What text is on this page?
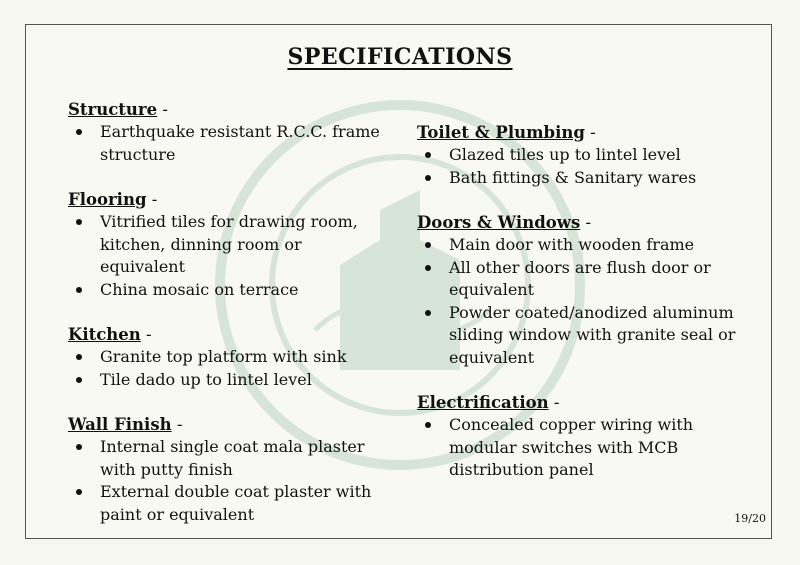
SPECIFICATIONS
Structure -
Earthquake resistant R.C.C. frame structure
Flooring -
Vitrified tiles for drawing room, kitchen, dinning room or equivalent
China mosaic on terrace
Kitchen -
Granite top platform with sink
Tile dado up to lintel level
Wall Finish -
Internal single coat mala plaster with putty finish
External double coat plaster with paint or equivalent
Toilet & Plumbing -
Glazed tiles up to lintel level
Bath fittings & Sanitary wares
Doors & Windows -
Main door with wooden frame
All other doors are flush door or equivalent
Powder coated/anodized aluminum sliding window with granite seal or equivalent
Electrification -
Concealed copper wiring with modular switches with MCB distribution panel
19/20
